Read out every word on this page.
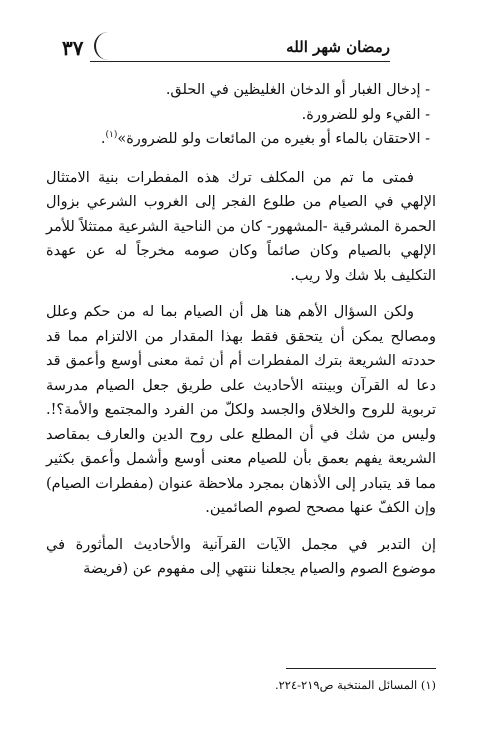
٣٧	رمضان شهر الله
- إدخال الغبار أو الدخان الغليظين في الحلق.
- القيء ولو للضرورة.
- الاحتقان بالماء أو بغيره من المائعات ولو للضرورة»$^{(١)}$.

فمتى ما تم من المكلف ترك هذه المفطرات بنية الامتثال الإلهي في الصيام من طلوع الفجر إلى الغروب الشرعي بزوال الحمرة المشرقية -المشهور- كان من الناحية الشرعية ممتثلاً للأمر الإلهي بالصيام وكان صائماً وكان صومه مخرجاً له عن عهدة التكليف بلا شك ولا ريب.

ولكن السؤال الأهم هنا هل أن الصيام بما له من حكم وعلل ومصالح يمكن أن يتحقق فقط بهذا المقدار من الالتزام مما قد حددته الشريعة بترك المفطرات أم أن ثمة معنى أوسع وأعمق قد دعا له القرآن وبينته الأحاديث على طريق جعل الصيام مدرسة تربوية للروح والخلاق والجسد ولكلّ من الفرد والمجتمع والأمة؟!. وليس من شك في أن المطلع على روح الدين والعارف بمقاصد الشريعة يفهم بعمق بأن للصيام معنى أوسع وأشمل وأعمق بكثير مما قد يتبادر إلى الأذهان بمجرد ملاحظة عنوان (مفطرات الصيام) وإن الكفّ عنها مصحح لصوم الصائمين.

إن التدبر في مجمل الآيات القرآنية والأحاديث المأثورة في موضوع الصوم والصيام يجعلنا ننتهي إلى مفهوم عن (فريضة

(١) المسائل المنتخبة ص٢١٩-٢٢٤.
